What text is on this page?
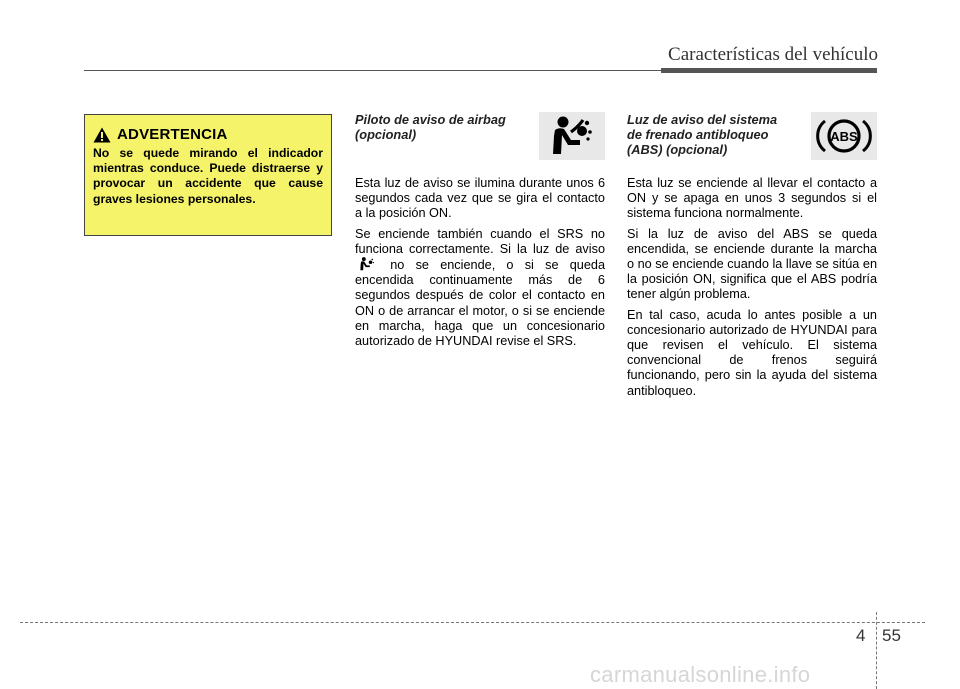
Características del vehículo
ADVERTENCIA
No se quede mirando el indicador mientras conduce. Puede distraerse y provocar un accidente que cause graves lesiones personales.
Piloto de aviso de airbag (opcional)

Esta luz de aviso se ilumina durante unos 6 segundos cada vez que se gira el contacto a la posición ON.

Se enciende también cuando el SRS no funciona correctamente. Si la luz de aviso  no se enciende, o si se queda encendida continuamente más de 6 segundos después de color el contacto en ON o de arrancar el motor, o si se enciende en marcha, haga que un concesionario autorizado de HYUNDAI revise el SRS.

Luz de aviso del sistema
de frenado antibloqueo
(ABS) (opcional)
ABS

Esta luz se enciende al llevar el contacto a ON y se apaga en unos 3 segundos si el sistema funciona normalmente.

Si la luz de aviso del ABS se queda encendida, se enciende durante la marcha o no se enciende cuando la llave se sitúa en la posición ON, significa que el ABS podría tener algún problema.

En tal caso, acuda lo antes posible a un concesionario autorizado de HYUNDAI para que revisen el vehículo. El sistema convencional de frenos seguirá funcionando, pero sin la ayuda del sistema antibloqueo.

4 55
carmanualsonline.info
